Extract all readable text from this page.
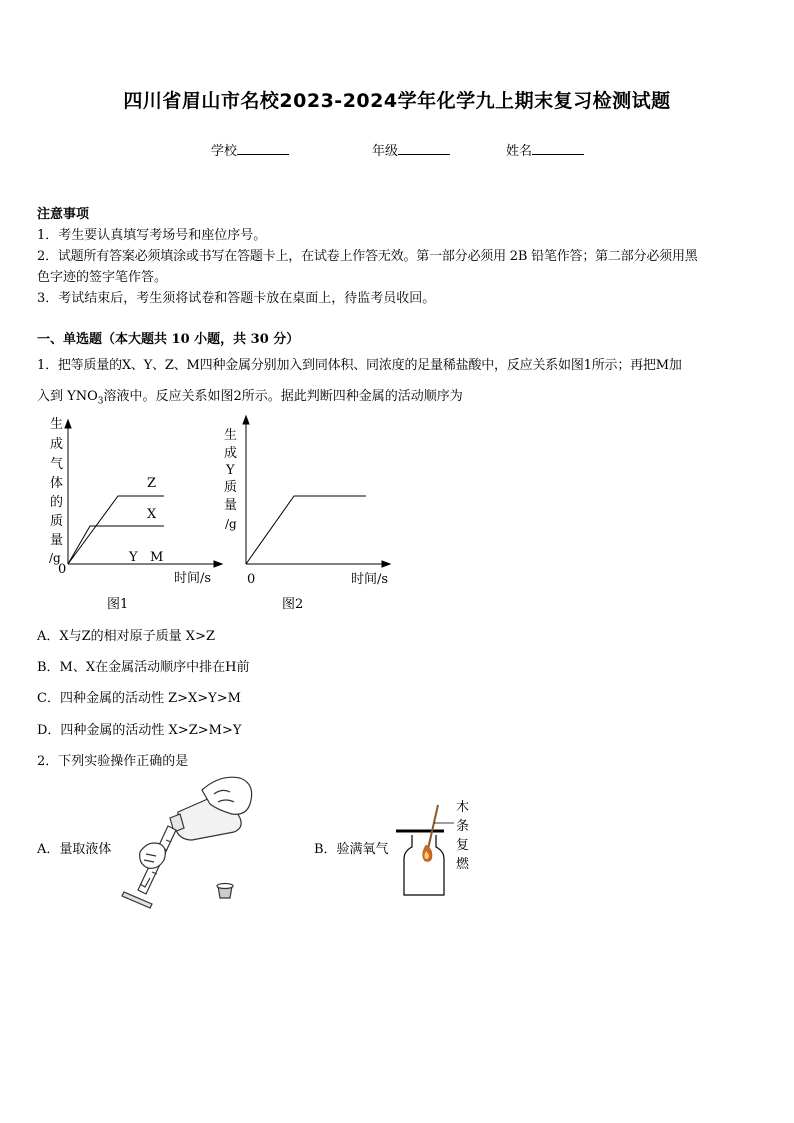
四川省眉山市名校2023-2024学年化学九上期末复习检测试题
学校	年级	姓名
注意事项
1．考生要认真填写考场号和座位序号。
2．试题所有答案必须填涂或书写在答题卡上，在试卷上作答无效。第一部分必须用 2B 铅笔作答；第二部分必须用黑
色字迹的签字笔作答。
3．考试结束后，考生须将试卷和答题卡放在桌面上，待监考员收回。
一、单选题（本大题共 10 小题，共 30 分）
1．把等质量的X、Y、Z、M四种金属分别加入到同体积、同浓度的足量稀盐酸中，反应关系如图1所示；再把M加
入到 $YNO_3$溶液中。反应关系如图2所示。据此判断四种金属的活动顺序为
生
成
气
体
的
质
量
/g
0
时间/s
图1
Z
X
Y M
生
成
Y
质
量
/g
0	时间/s
图2
A．X与Z的相对原子质量 X>Z
B．M、X在金属活动顺序中排在H前
C．四种金属的活动性 Z>X>Y>M
D．四种金属的活动性 X>Z>M>Y
2．下列实验操作正确的是
A．量取液体	B．验满氧气
木
条
复
燃
